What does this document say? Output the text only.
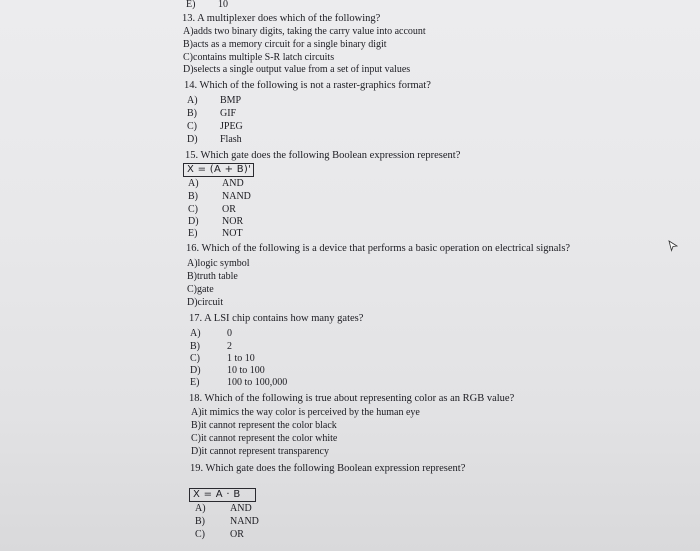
E) 10
13. A multiplexer does which of the following?
A)adds two binary digits, taking the carry value into account
B)acts as a memory circuit for a single binary digit
C)contains multiple S-R latch circuits
D)selects a single output value from a set of input values
14. Which of the following is not a raster-graphics format?
A) BMP
B) GIF
C) JPEG
D) Flash
15. Which gate does the following Boolean expression represent?
X = (A + B)'
A) AND
B) NAND
C) OR
D) NOR
E) NOT
16. Which of the following is a device that performs a basic operation on electrical signals?
A)logic symbol
B)truth table
C)gate
D)circuit
17. A LSI chip contains how many gates?
A)	0
B)	2
C)	1 to 10
D)	10 to 100
E)	100 to 100,000
18. Which of the following is true about representing color as an RGB value?
A)it mimics the way color is perceived by the human eye
B)it cannot represent the color black
C)it cannot represent the color white
D)it cannot represent transparency
19. Which gate does the following Boolean expression represent?
X = A · B
A) AND
B)	NAND
C)	OR
